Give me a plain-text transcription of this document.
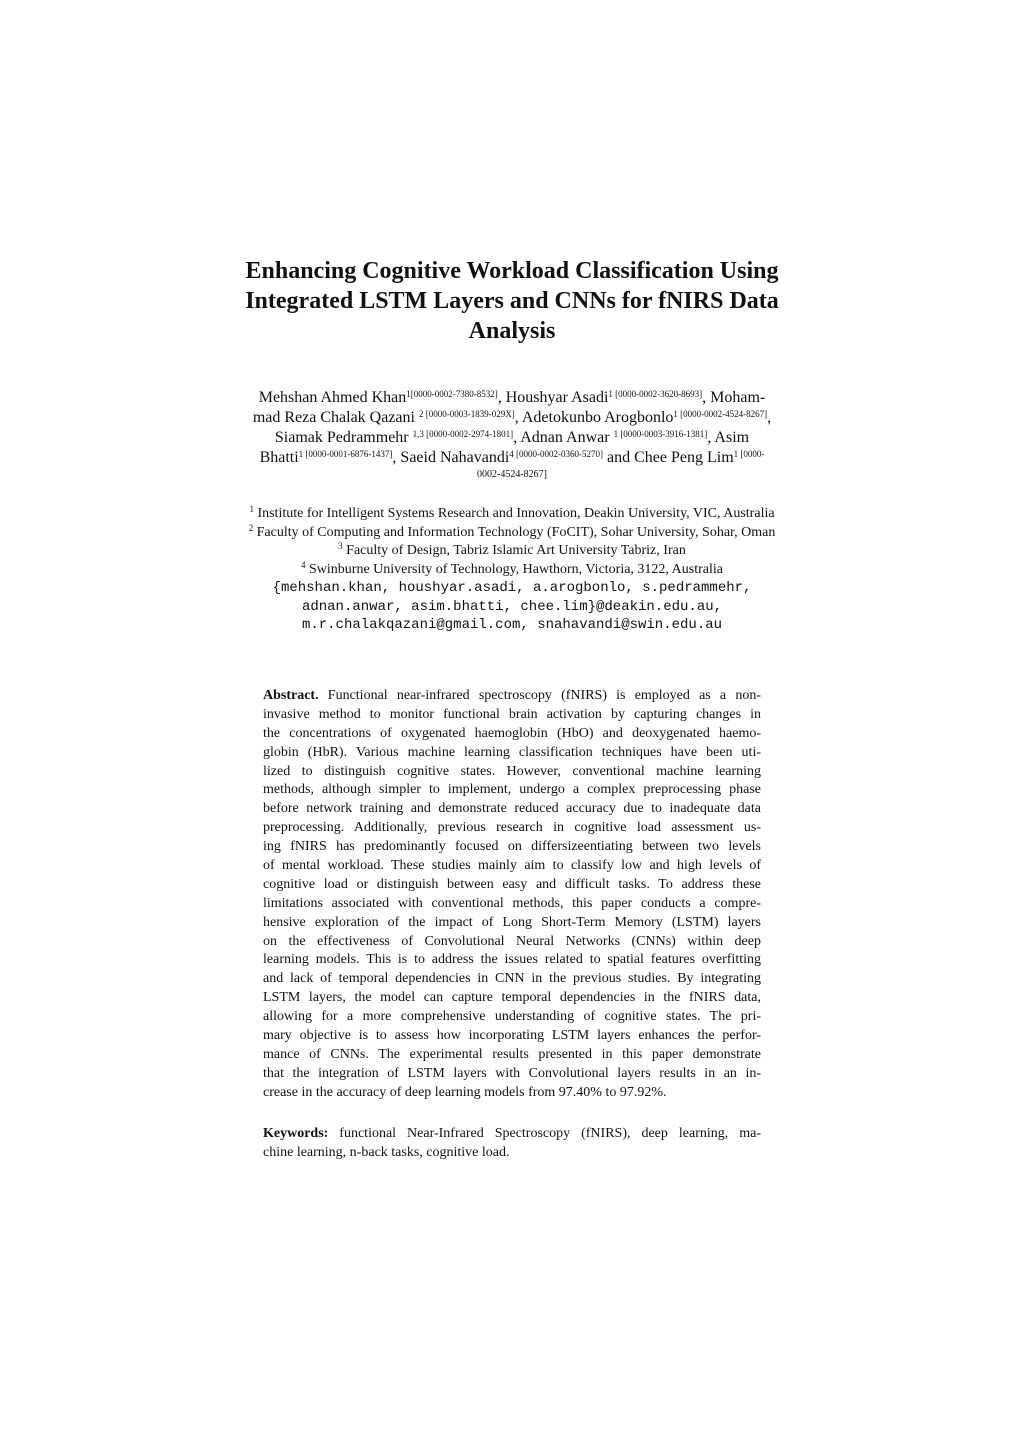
Enhancing Cognitive Workload Classification Using
Integrated LSTM Layers and CNNs for fNIRS Data
Analysis
Mehshan Ahmed Khan$^{1[0000-0002-7380-8532]}$, Houshyar Asadi$^{1 [0000-0002-3620-8693]}$, Moham-
mad Reza Chalak Qazani $^{2 [0000-0003-1839-029X]}$, Adetokunbo Arogbonlo$^{1 [0000-0002-4524-8267]}$,
Siamak Pedrammehr $^{1,3 [0000-0002-2974-1801]}$, Adnan Anwar $^{1 [0000-0003-3916-1381]}$, Asim
Bhatti$^{1 [0000-0001-6876-1437]}$, Saeid Nahavandi$^{4 [0000-0002-0360-5270]}$ and Chee Peng Lim$^{1 [0000-}$
0002-4524-8267]
$^1$ Institute for Intelligent Systems Research and Innovation, Deakin University, VIC, Australia
$^2$ Faculty of Computing and Information Technology (FoCIT), Sohar University, Sohar, Oman
$^3$ Faculty of Design, Tabriz Islamic Art University Tabriz, Iran
$^4$ Swinburne University of Technology, Hawthorn, Victoria, 3122, Australia
{mehshan.khan, houshyar.asadi, a.arogbonlo, s.pedrammehr,
adnan.anwar, asim.bhatti, chee.lim}@deakin.edu.au,
m.r.chalakqazani@gmail.com, snahavandi@swin.edu.au
Abstract. Functional near-infrared spectroscopy (fNIRS) is employed as a non-
invasive method to monitor functional brain activation by capturing changes in
the concentrations of oxygenated haemoglobin (HbO) and deoxygenated haemo-
globin (HbR). Various machine learning classification techniques have been uti-
lized to distinguish cognitive states. However, conventional machine learning
methods, although simpler to implement, undergo a complex preprocessing phase
before network training and demonstrate reduced accuracy due to inadequate data
preprocessing. Additionally, previous research in cognitive load assessment us-
ing fNIRS has predominantly focused on differsizeentiating between two levels
of mental workload. These studies mainly aim to classify low and high levels of
cognitive load or distinguish between easy and difficult tasks. To address these
limitations associated with conventional methods, this paper conducts a compre-
hensive exploration of the impact of Long Short-Term Memory (LSTM) layers
on the effectiveness of Convolutional Neural Networks (CNNs) within deep
learning models. This is to address the issues related to spatial features overfitting
and lack of temporal dependencies in CNN in the previous studies. By integrating
LSTM layers, the model can capture temporal dependencies in the fNIRS data,
allowing for a more comprehensive understanding of cognitive states. The pri-
mary objective is to assess how incorporating LSTM layers enhances the perfor-
mance of CNNs. The experimental results presented in this paper demonstrate
that the integration of LSTM layers with Convolutional layers results in an in-
crease in the accuracy of deep learning models from 97.40% to 97.92%.
Keywords: functional Near-Infrared Spectroscopy (fNIRS), deep learning, ma-
chine learning, n-back tasks, cognitive load.
